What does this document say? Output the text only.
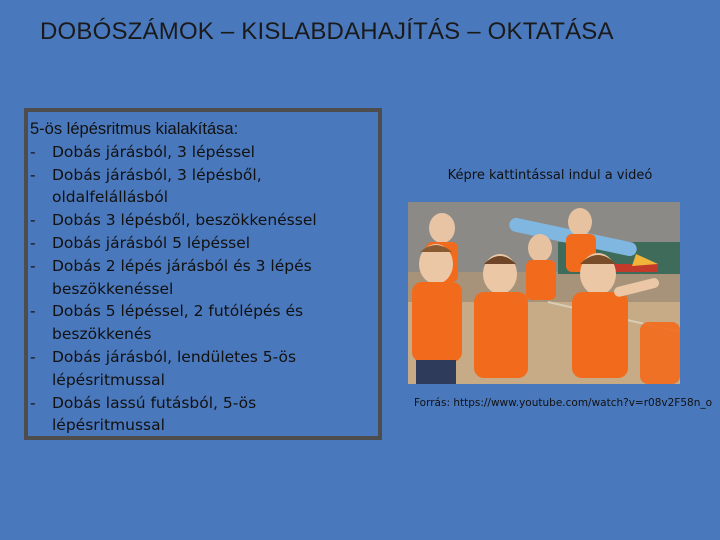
DOBÓSZÁMOK – KISLABDAHAJÍTÁS – OKTATÁSA

5-ös lépésritmus kialakítása:

- Dobás járásból, 3 lépéssel
- Dobás járásból, 3 lépésből, oldalfelállásból
- Dobás 3 lépésből, beszökkenéssel
- Dobás járásból 5 lépéssel
- Dobás 2 lépés járásból és 3 lépés beszökkenéssel
- Dobás 5 lépéssel, 2 futólépés és beszökkenés
- Dobás járásból, lendületes 5-ös lépésritmussal
- Dobás lassú futásból, 5-ös lépésritmussal
Képre kattintással indul a videó
Forrás: https://www.youtube.com/watch?v=r08v2F58n_o
